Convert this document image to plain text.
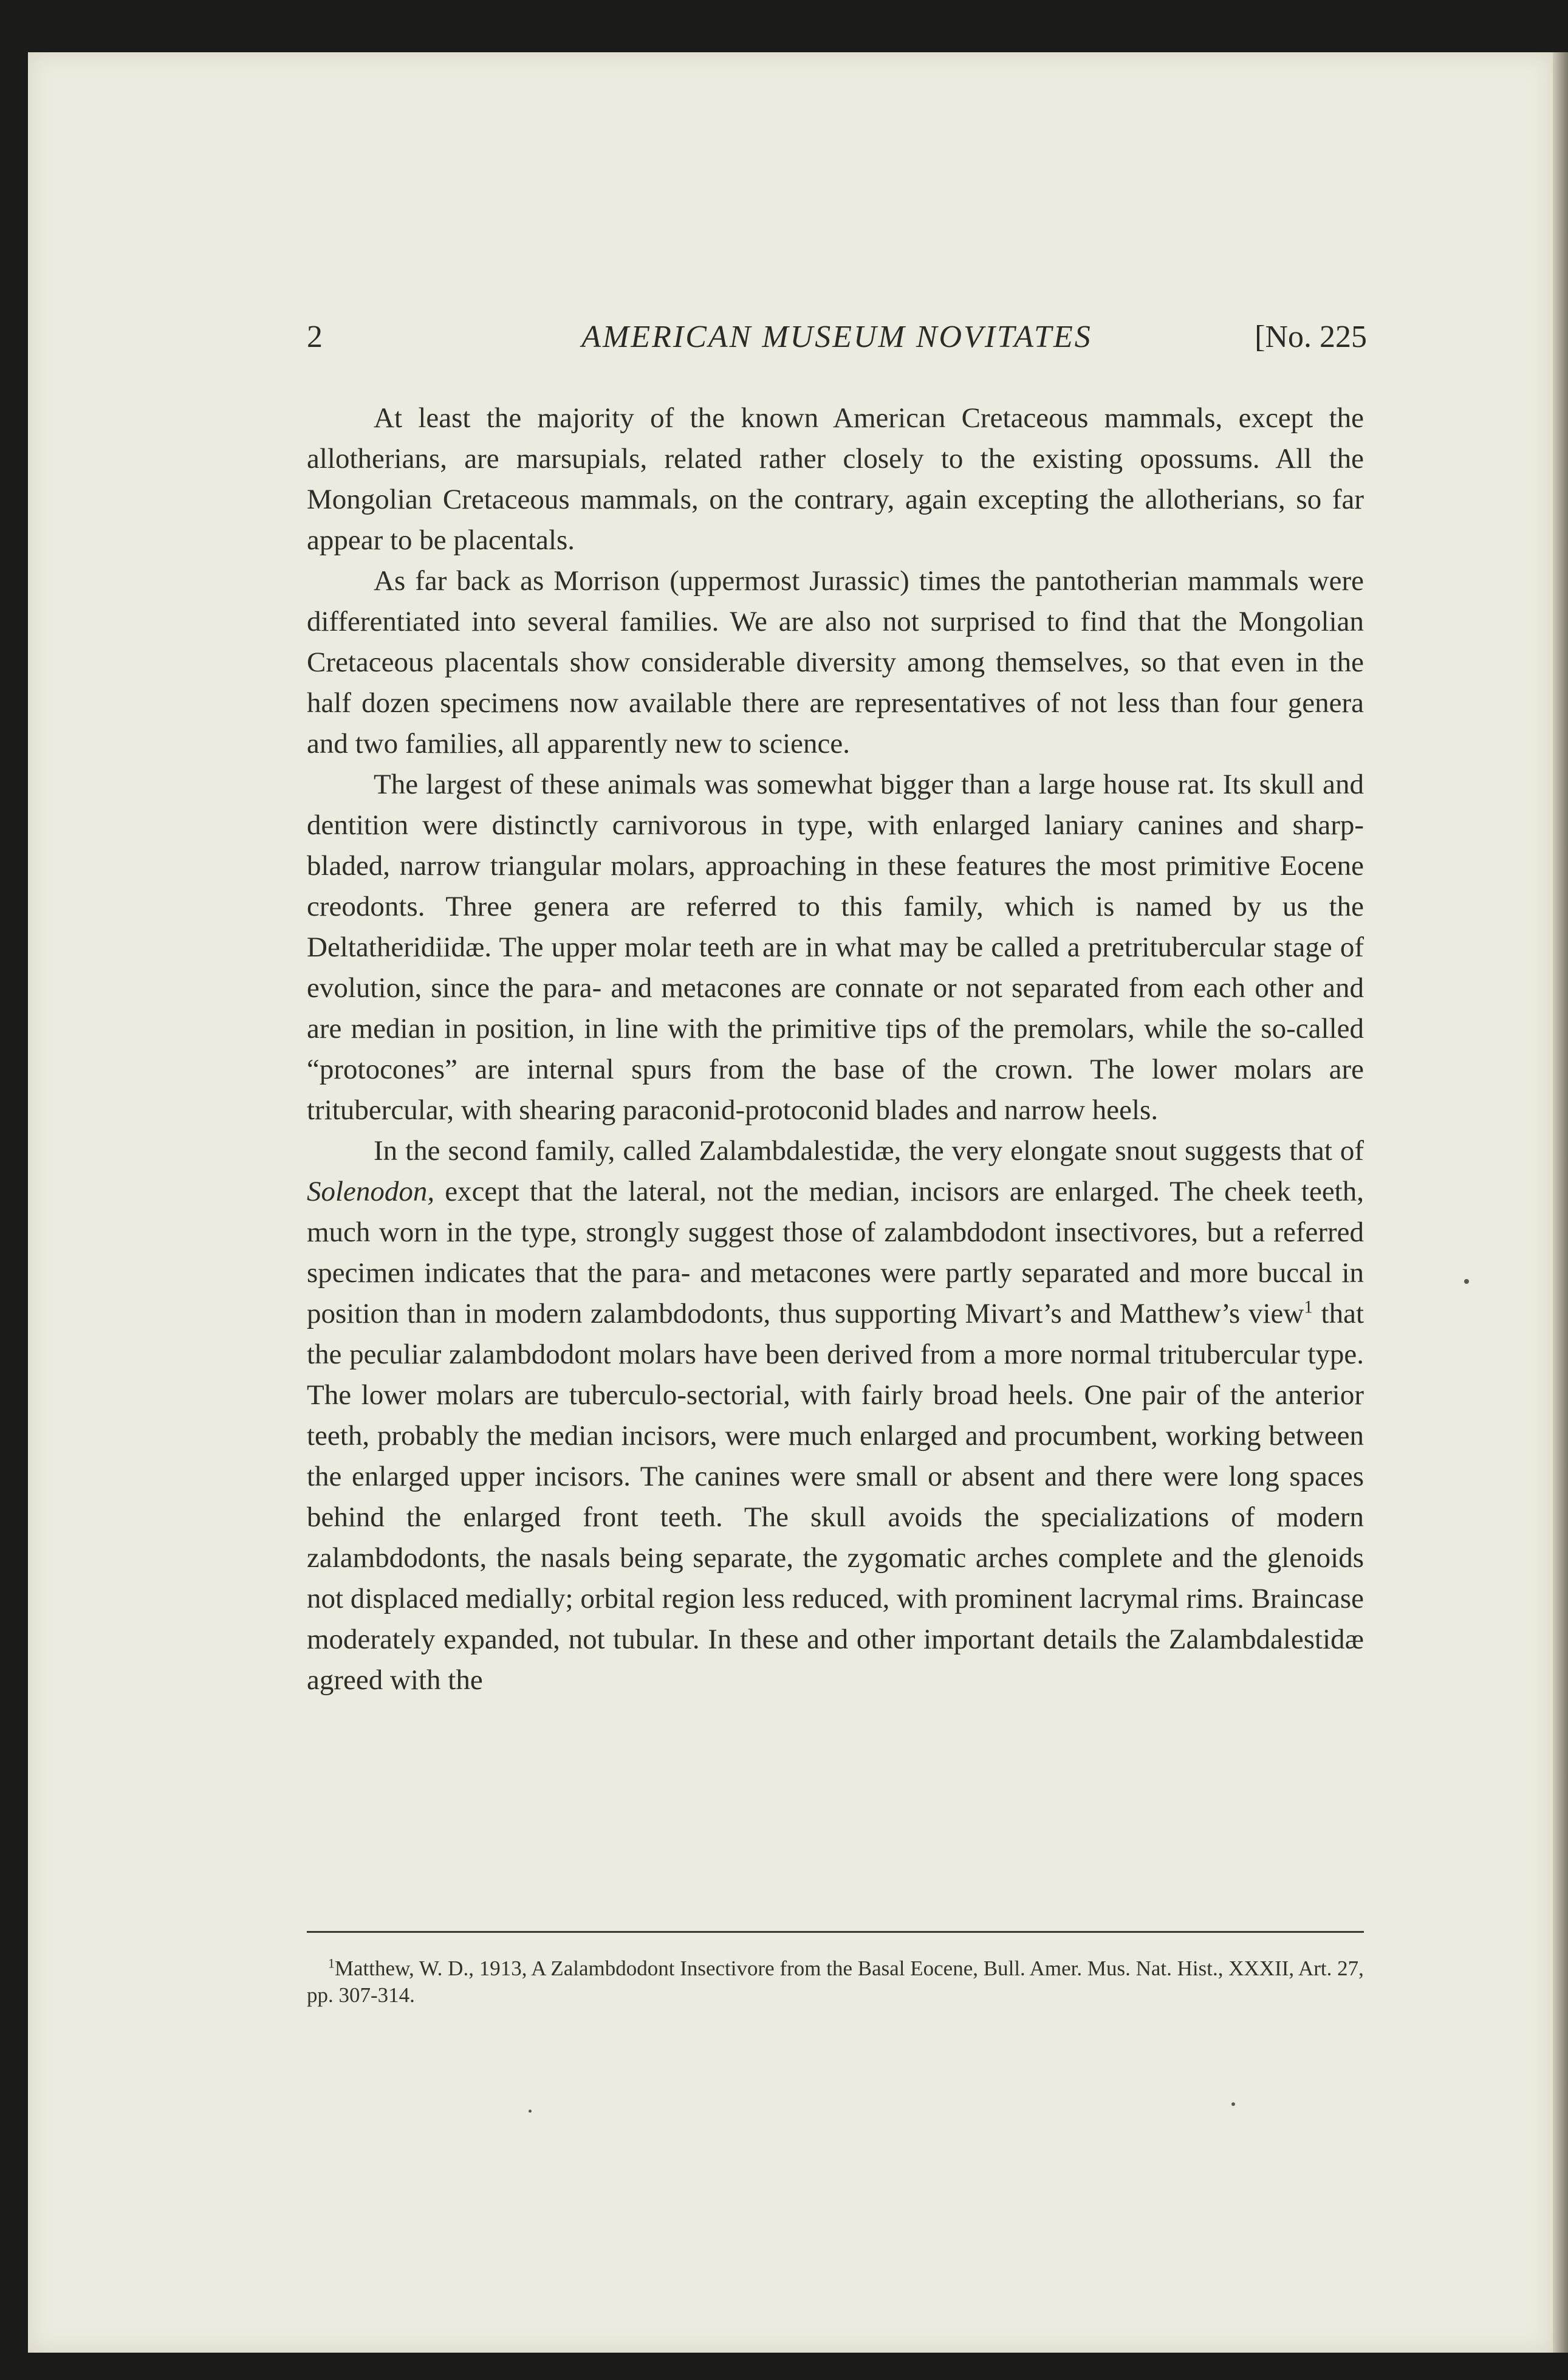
2	AMERICAN MUSEUM NOVITATES	[No. 225

At least the majority of the known American Cretaceous mammals, except the allotherians, are marsupials, related rather closely to the existing opossums. All the Mongolian Cretaceous mammals, on the contrary, again excepting the allotherians, so far appear to be placentals.

As far back as Morrison (uppermost Jurassic) times the pantotherian mammals were differentiated into several families. We are also not surprised to find that the Mongolian Cretaceous placentals show considerable diversity among themselves, so that even in the half dozen specimens now available there are representatives of not less than four genera and two families, all apparently new to science.

The largest of these animals was somewhat bigger than a large house rat. Its skull and dentition were distinctly carnivorous in type, with enlarged laniary canines and sharp-bladed, narrow triangular molars, approaching in these features the most primitive Eocene creodonts. Three genera are referred to this family, which is named by us the Deltatheridiidæ. The upper molar teeth are in what may be called a pretritubercular stage of evolution, since the para- and metacones are connate or not separated from each other and are median in position, in line with the primitive tips of the premolars, while the so-called “protocones” are internal spurs from the base of the crown. The lower molars are tritubercular, with shearing paraconid-protoconid blades and narrow heels.

In the second family, called Zalambdalestidæ, the very elongate snout suggests that of Solenodon, except that the lateral, not the median, incisors are enlarged. The cheek teeth, much worn in the type, strongly suggest those of zalambdodont insectivores, but a referred specimen indicates that the para- and metacones were partly separated and more buccal in position than in modern zalambdodonts, thus supporting Mivart’s and Matthew’s view$^1$ that the peculiar zalambdodont molars have been derived from a more normal tritubercular type. The lower molars are tuberculo-sectorial, with fairly broad heels. One pair of the anterior teeth, probably the median incisors, were much enlarged and procumbent, working between the enlarged upper incisors. The canines were small or absent and there were long spaces behind the enlarged front teeth. The skull avoids the specializations of modern zalambdodonts, the nasals being separate, the zygomatic arches complete and the glenoids not displaced medially; orbital region less reduced, with prominent lacrymal rims. Braincase moderately expanded, not tubular. In these and other important details the Zalambdalestidæ agreed with the

$^1$Matthew, W. D., 1913, A Zalambdodont Insectivore from the Basal Eocene, Bull. Amer. Mus. Nat. Hist., XXXII, Art. 27, pp. 307-314.
